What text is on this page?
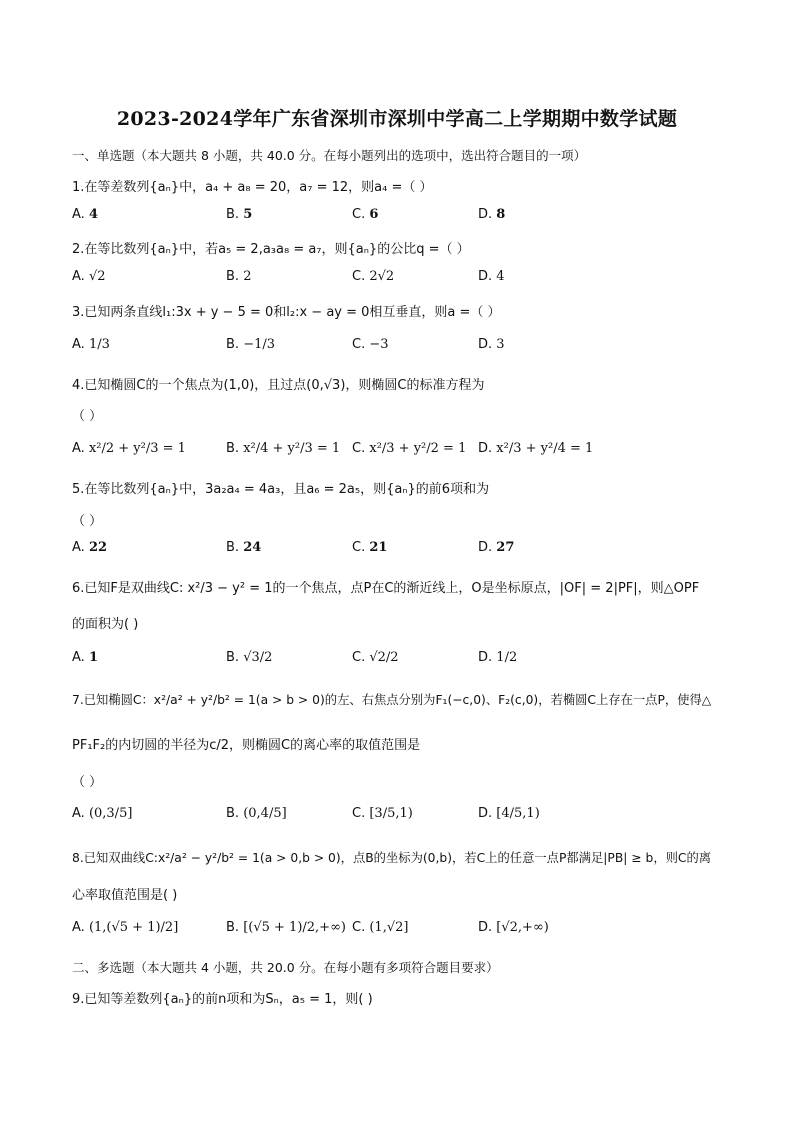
2023-2024学年广东省深圳市深圳中学高二上学期期中数学试题
一、单选题（本大题共 8 小题，共 40.0 分。在每小题列出的选项中，选出符合题目的一项）
1.在等差数列{aₙ}中，a₄ + a₈ = 20，a₇ = 12，则a₄ =（ ）
A. 4	B. 5	C. 6	D. 8
2.在等比数列{aₙ}中，若a₅ = 2,a₃a₈ = a₇，则{aₙ}的公比q =（ ）
A. √2	B. 2	C. 2√2	D. 4
3.已知两条直线l₁:3x + y − 5 = 0和l₂:x − ay = 0相互垂直，则a =（ ）
A. 1/3	B. −1/3	C. −3	D. 3
4.已知椭圆C的一个焦点为(1,0)，且过点(0,√3)，则椭圆C的标准方程为
（ ）
A. x²/2 + y²/3 = 1	B. x²/4 + y²/3 = 1 C. x²/3 + y²/2 = 1 D. x²/3 + y²/4 = 1
5.在等比数列{aₙ}中，3a₂a₄ = 4a₃，且a₆ = 2a₅，则{aₙ}的前6项和为
（ ）
A. 22	B. 24	C. 21	D. 27
6.已知F是双曲线C: x²/3 − y² = 1的一个焦点，点P在C的渐近线上，O是坐标原点，|OF| = 2|PF|，则△OPF
的面积为( )
A. 1	B. √3/2	C. √2/2	D. 1/2
7.已知椭圆C：x²/a² + y²/b² = 1(a > b > 0)的左、右焦点分别为F₁(−c,0)、F₂(c,0)，若椭圆C上存在一点P，使得△
PF₁F₂的内切圆的半径为c/2，则椭圆C的离心率的取值范围是
（ ）
A. (0,3/5]	B. (0,4/5]	C. [3/5,1)	D. [4/5,1)
8.已知双曲线C:x²/a² − y²/b² = 1(a > 0,b > 0)，点B的坐标为(0,b)，若C上的任意一点P都满足|PB| ≥ b，则C的离
心率取值范围是( )
A. (1,(√5 + 1)/2]	B. [(√5 + 1)/2,+∞) C. (1,√2]	D. [√2,+∞)
二、多选题（本大题共 4 小题，共 20.0 分。在每小题有多项符合题目要求）
9.已知等差数列{aₙ}的前n项和为Sₙ，a₅ = 1，则( )
